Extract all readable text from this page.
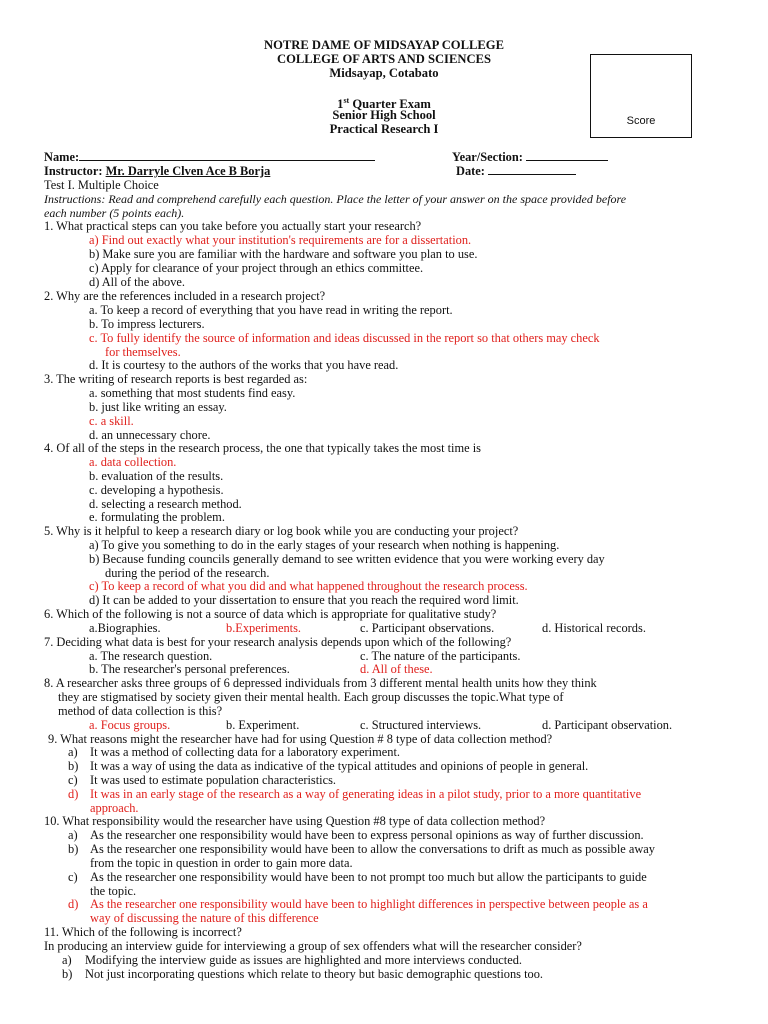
NOTRE DAME OF MIDSAYAP COLLEGE
COLLEGE OF ARTS AND SCIENCES
Midsayap, Cotabato
1st Quarter Exam
Senior High School
Practical Research I
Score
Name:	Year/Section:
Instructor: Mr. Darryle Clven Ace B Borja	Date:
Test I. Multiple Choice
Instructions: Read and comprehend carefully each question. Place the letter of your answer on the space provided before
each number (5 points each).
1. What practical steps can you take before you actually start your research?
a) Find out exactly what your institution's requirements are for a dissertation.
b) Make sure you are familiar with the hardware and software you plan to use.
c) Apply for clearance of your project through an ethics committee.
d) All of the above.
2. Why are the references included in a research project?
a. To keep a record of everything that you have read in writing the report.
b. To impress lecturers.
c. To fully identify the source of information and ideas discussed in the report so that others may check
for themselves.
d. It is courtesy to the authors of the works that you have read.
3. The writing of research reports is best regarded as:
a. something that most students find easy.
b. just like writing an essay.
c. a skill.
d. an unnecessary chore.
4. Of all of the steps in the research process, the one that typically takes the most time is
a. data collection.
b. evaluation of the results.
c. developing a hypothesis.
d. selecting a research method.
e. formulating the problem.
5. Why is it helpful to keep a research diary or log book while you are conducting your project?
a) To give you something to do in the early stages of your research when nothing is happening.
b) Because funding councils generally demand to see written evidence that you were working every day
during the period of the research.
c) To keep a record of what you did and what happened throughout the research process.
d) It can be added to your dissertation to ensure that you reach the required word limit.
6. Which of the following is not a source of data which is appropriate for qualitative study?
a.Biographies.	b.Experiments.	c. Participant observations.	d. Historical records.
7. Deciding what data is best for your research analysis depends upon which of the following?
a. The research question.	c. The nature of the participants.
b. The researcher's personal preferences.	d. All of these.
8. A researcher asks three groups of 6 depressed individuals from 3 different mental health units how they think
they are stigmatised by society given their mental health. Each group discusses the topic.What type of
method of data collection is this?
a. Focus groups.	b. Experiment.	c. Structured interviews.	d. Participant observation.
9. What reasons might the researcher have had for using Question # 8 type of data collection method?
a) It was a method of collecting data for a laboratory experiment.
b) It was a way of using the data as indicative of the typical attitudes and opinions of people in general.
c) It was used to estimate population characteristics.
d) It was in an early stage of the research as a way of generating ideas in a pilot study, prior to a more quantitative
approach.
10. What responsibility would the researcher have using Question #8 type of data collection method?
a) As the researcher one responsibility would have been to express personal opinions as way of further discussion.
b) As the researcher one responsibility would have been to allow the conversations to drift as much as possible away
from the topic in question in order to gain more data.
c) As the researcher one responsibility would have been to not prompt too much but allow the participants to guide
the topic.
d) As the researcher one responsibility would have been to highlight differences in perspective between people as a
way of discussing the nature of this difference
11. Which of the following is incorrect?
In producing an interview guide for interviewing a group of sex offenders what will the researcher consider?
a) Modifying the interview guide as issues are highlighted and more interviews conducted.
b) Not just incorporating questions which relate to theory but basic demographic questions too.
